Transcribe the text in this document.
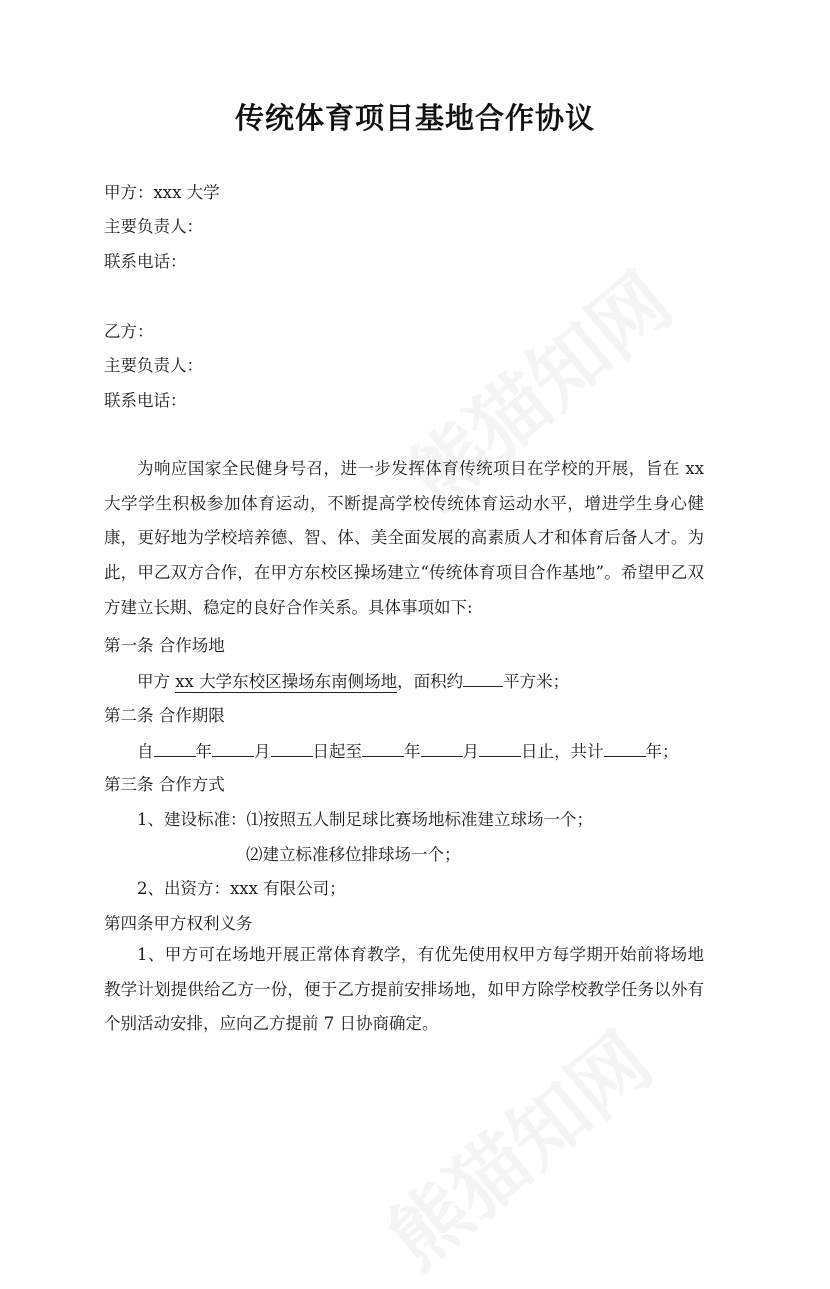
传统体育项目基地合作协议
甲方：xxx 大学
主要负责人：
联系电话：
乙方：
主要负责人：
联系电话：
为响应国家全民健身号召，进一步发挥体育传统项目在学校的开展，旨在 xx 大学学生积极参加体育运动，不断提高学校传统体育运动水平，增进学生身心健康，更好地为学校培养德、智、体、美全面发展的高素质人才和体育后备人才。为此，甲乙双方合作，在甲方东校区操场建立“传统体育项目合作基地”。希望甲乙双方建立长期、稳定的良好合作关系。具体事项如下:
第一条 合作场地
甲方 xx 大学东校区操场东南侧场地，面积约 平方米；
第二条 合作期限
自	年	月	日起至	年	月	日止，共计	年；
第三条 合作方式
1、建设标准：⑴按照五人制足球比赛场地标准建立球场一个；
⑵建立标准移位排球场一个；
2、出资方：xxx 有限公司；
第四条甲方权利义务
1、甲方可在场地开展正常体育教学，有优先使用权甲方每学期开始前将场地教学计划提供给乙方一份，便于乙方提前安排场地，如甲方除学校教学任务以外有个别活动安排，应向乙方提前 7 日协商确定。
